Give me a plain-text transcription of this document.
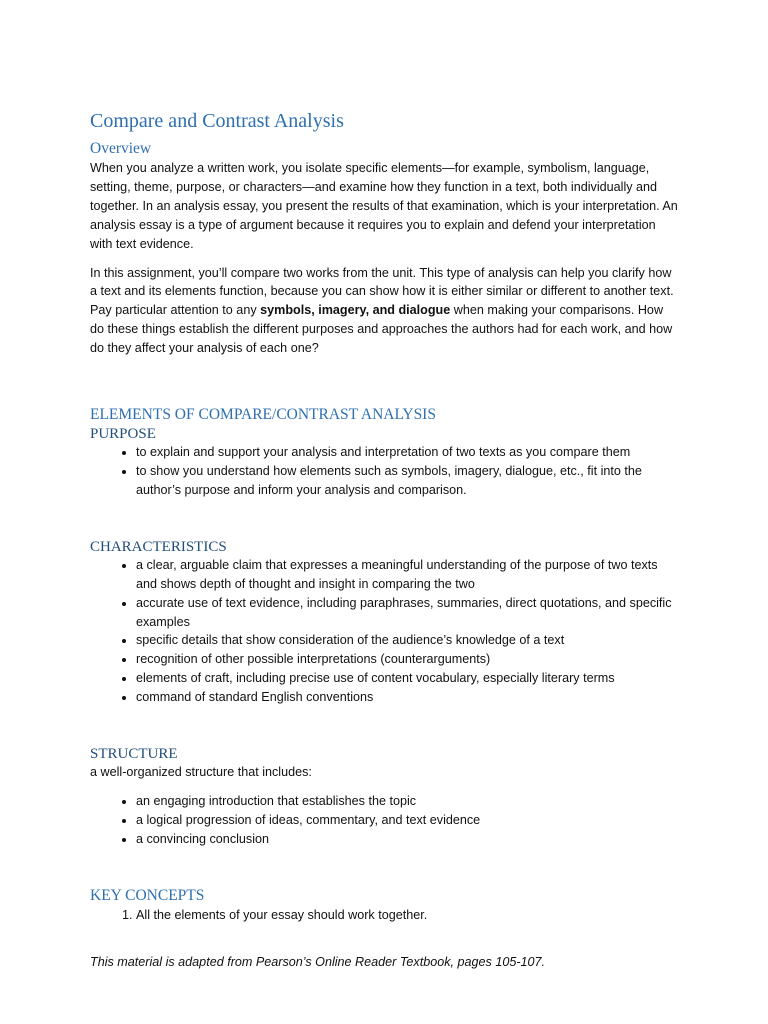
Compare and Contrast Analysis
Overview

When you analyze a written work, you isolate specific elements—for example, symbolism, language, setting, theme, purpose, or characters—and examine how they function in a text, both individually and together. In an analysis essay, you present the results of that examination, which is your interpretation. An analysis essay is a type of argument because it requires you to explain and defend your interpretation with text evidence.

In this assignment, you’ll compare two works from the unit. This type of analysis can help you clarify how a text and its elements function, because you can show how it is either similar or different to another text. Pay particular attention to any symbols, imagery, and dialogue when making your comparisons. How do these things establish the different purposes and approaches the authors had for each work, and how do they affect your analysis of each one?

ELEMENTS OF COMPARE/CONTRAST ANALYSIS
PURPOSE
• to explain and support your analysis and interpretation of two texts as you compare them
• to show you understand how elements such as symbols, imagery, dialogue, etc., fit into the author’s purpose and inform your analysis and comparison.
CHARACTERISTICS
• a clear, arguable claim that expresses a meaningful understanding of the purpose of two texts and shows depth of thought and insight in comparing the two
• accurate use of text evidence, including paraphrases, summaries, direct quotations, and specific examples
• specific details that show consideration of the audience’s knowledge of a text
• recognition of other possible interpretations (counterarguments)
• elements of craft, including precise use of content vocabulary, especially literary terms
• command of standard English conventions
STRUCTURE

a well-organized structure that includes:

• an engaging introduction that establishes the topic
• a logical progression of ideas, commentary, and text evidence
• a convincing conclusion
KEY CONCEPTS
1. All the elements of your essay should work together.

This material is adapted from Pearson’s Online Reader Textbook, pages 105-107.
